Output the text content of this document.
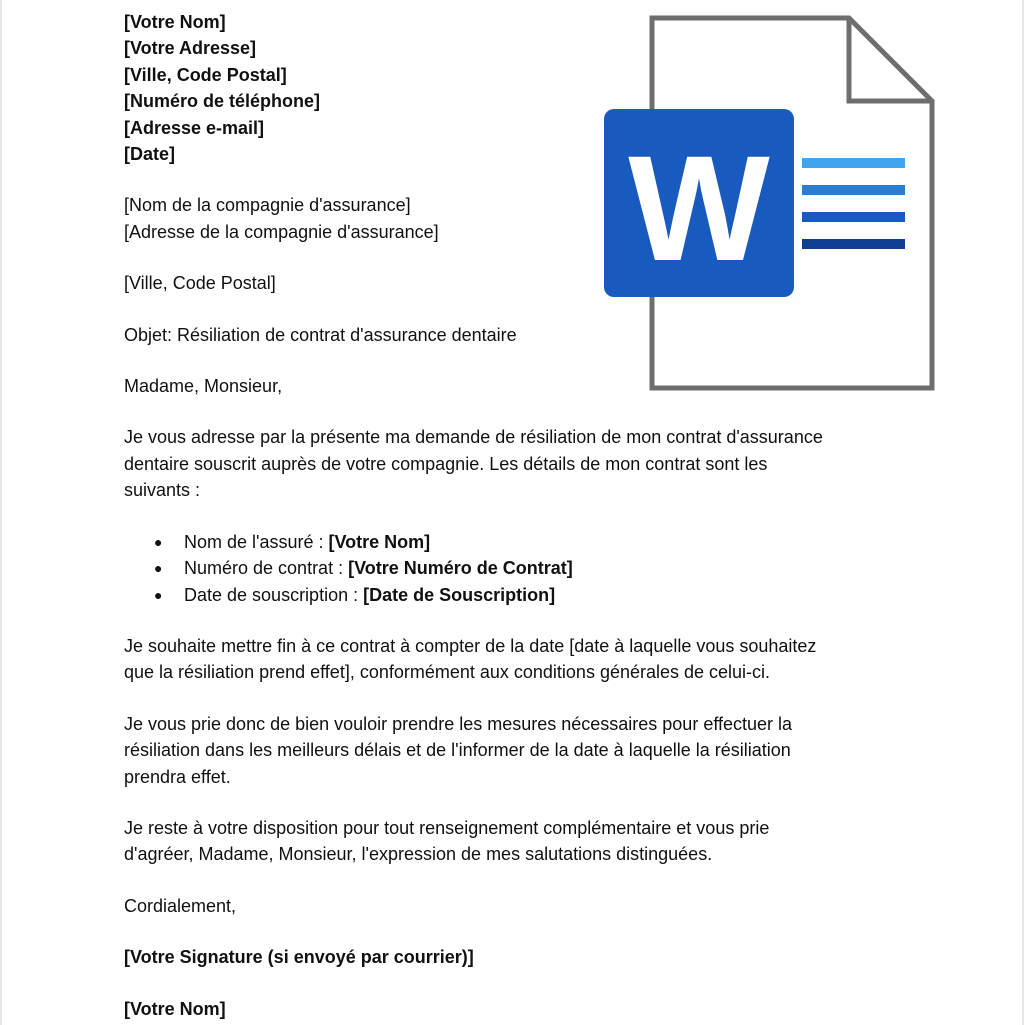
[Votre Nom]

[Votre Adresse]

[Ville, Code Postal]

[Numéro de téléphone]

[Adresse e-mail]

[Date]

[Nom de la compagnie d'assurance]

[Adresse de la compagnie d'assurance]

[Ville, Code Postal]

Objet: Résiliation de contrat d'assurance dentaire

Madame, Monsieur,

Je vous adresse par la présente ma demande de résiliation de mon contrat d'assurance

dentaire souscrit auprès de votre compagnie. Les détails de mon contrat sont les

suivants :

● Nom de l'assuré : [Votre Nom]
● Numéro de contrat : [Votre Numéro de Contrat]
● Date de souscription : [Date de Souscription]

Je souhaite mettre fin à ce contrat à compter de la date [date à laquelle vous souhaitez

que la résiliation prend effet], conformément aux conditions générales de celui-ci.

Je vous prie donc de bien vouloir prendre les mesures nécessaires pour effectuer la

résiliation dans les meilleurs délais et de l'informer de la date à laquelle la résiliation

prendra effet.

Je reste à votre disposition pour tout renseignement complémentaire et vous prie

d'agréer, Madame, Monsieur, l'expression de mes salutations distinguées.

Cordialement,

[Votre Signature (si envoyé par courrier)]

[Votre Nom]

W
